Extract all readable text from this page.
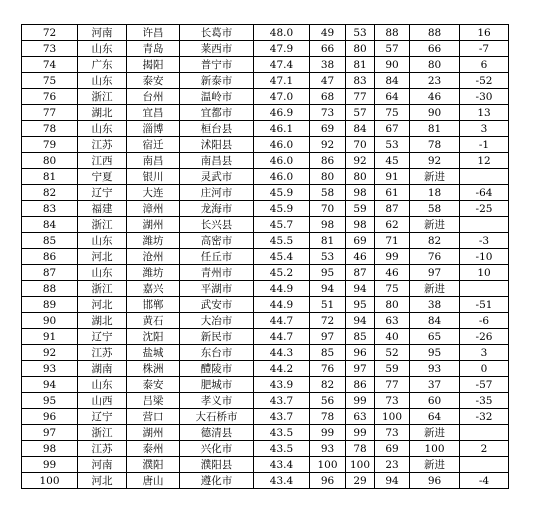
72	河南	许昌	长葛市	48.0	49	53	88	88	16
73	山东	青岛	莱西市	47.9	66	80	57	66	-7
74	广东	揭阳	普宁市	47.4	38	81	90	80	6
75	山东	泰安	新泰市	47.1	47	83	84	23	-52
76	浙江	台州	温岭市	47.0	68	77	64	46	-30
77	湖北	宜昌	宜都市	46.9	73	57	75	90	13
78	山东	淄博	桓台县	46.1	69	84	67	81	3
79	江苏	宿迁	沭阳县	46.0	92	70	53	78	-1
80	江西	南昌	南昌县	46.0	86	92	45	92	12
81	宁夏	银川	灵武市	46.0	80	80	91	新进	
82	辽宁	大连	庄河市	45.9	58	98	61	18	-64
83	福建	漳州	龙海市	45.9	70	59	87	58	-25
84	浙江	湖州	长兴县	45.7	98	98	62	新进	
85	山东	潍坊	高密市	45.5	81	69	71	82	-3
86	河北	沧州	任丘市	45.4	53	46	99	76	-10
87	山东	潍坊	青州市	45.2	95	87	46	97	10
88	浙江	嘉兴	平湖市	44.9	94	94	75	新进	
89	河北	邯郸	武安市	44.9	51	95	80	38	-51
90	湖北	黄石	大冶市	44.7	72	94	63	84	-6
91	辽宁	沈阳	新民市	44.7	97	85	40	65	-26
92	江苏	盐城	东台市	44.3	85	96	52	95	3
93	湖南	株洲	醴陵市	44.2	76	97	59	93	0
94	山东	泰安	肥城市	43.9	82	86	77	37	-57
95	山西	吕梁	孝义市	43.7	56	99	73	60	-35
96	辽宁	营口	大石桥市	43.7	78	63	100	64	-32
97	浙江	湖州	德清县	43.5	99	99	73	新进	
98	江苏	泰州	兴化市	43.5	93	78	69	100	2
99	河南	濮阳	濮阳县	43.4	100	100	23	新进	
100	河北	唐山	遵化市	43.4	96	29	94	96	-4
